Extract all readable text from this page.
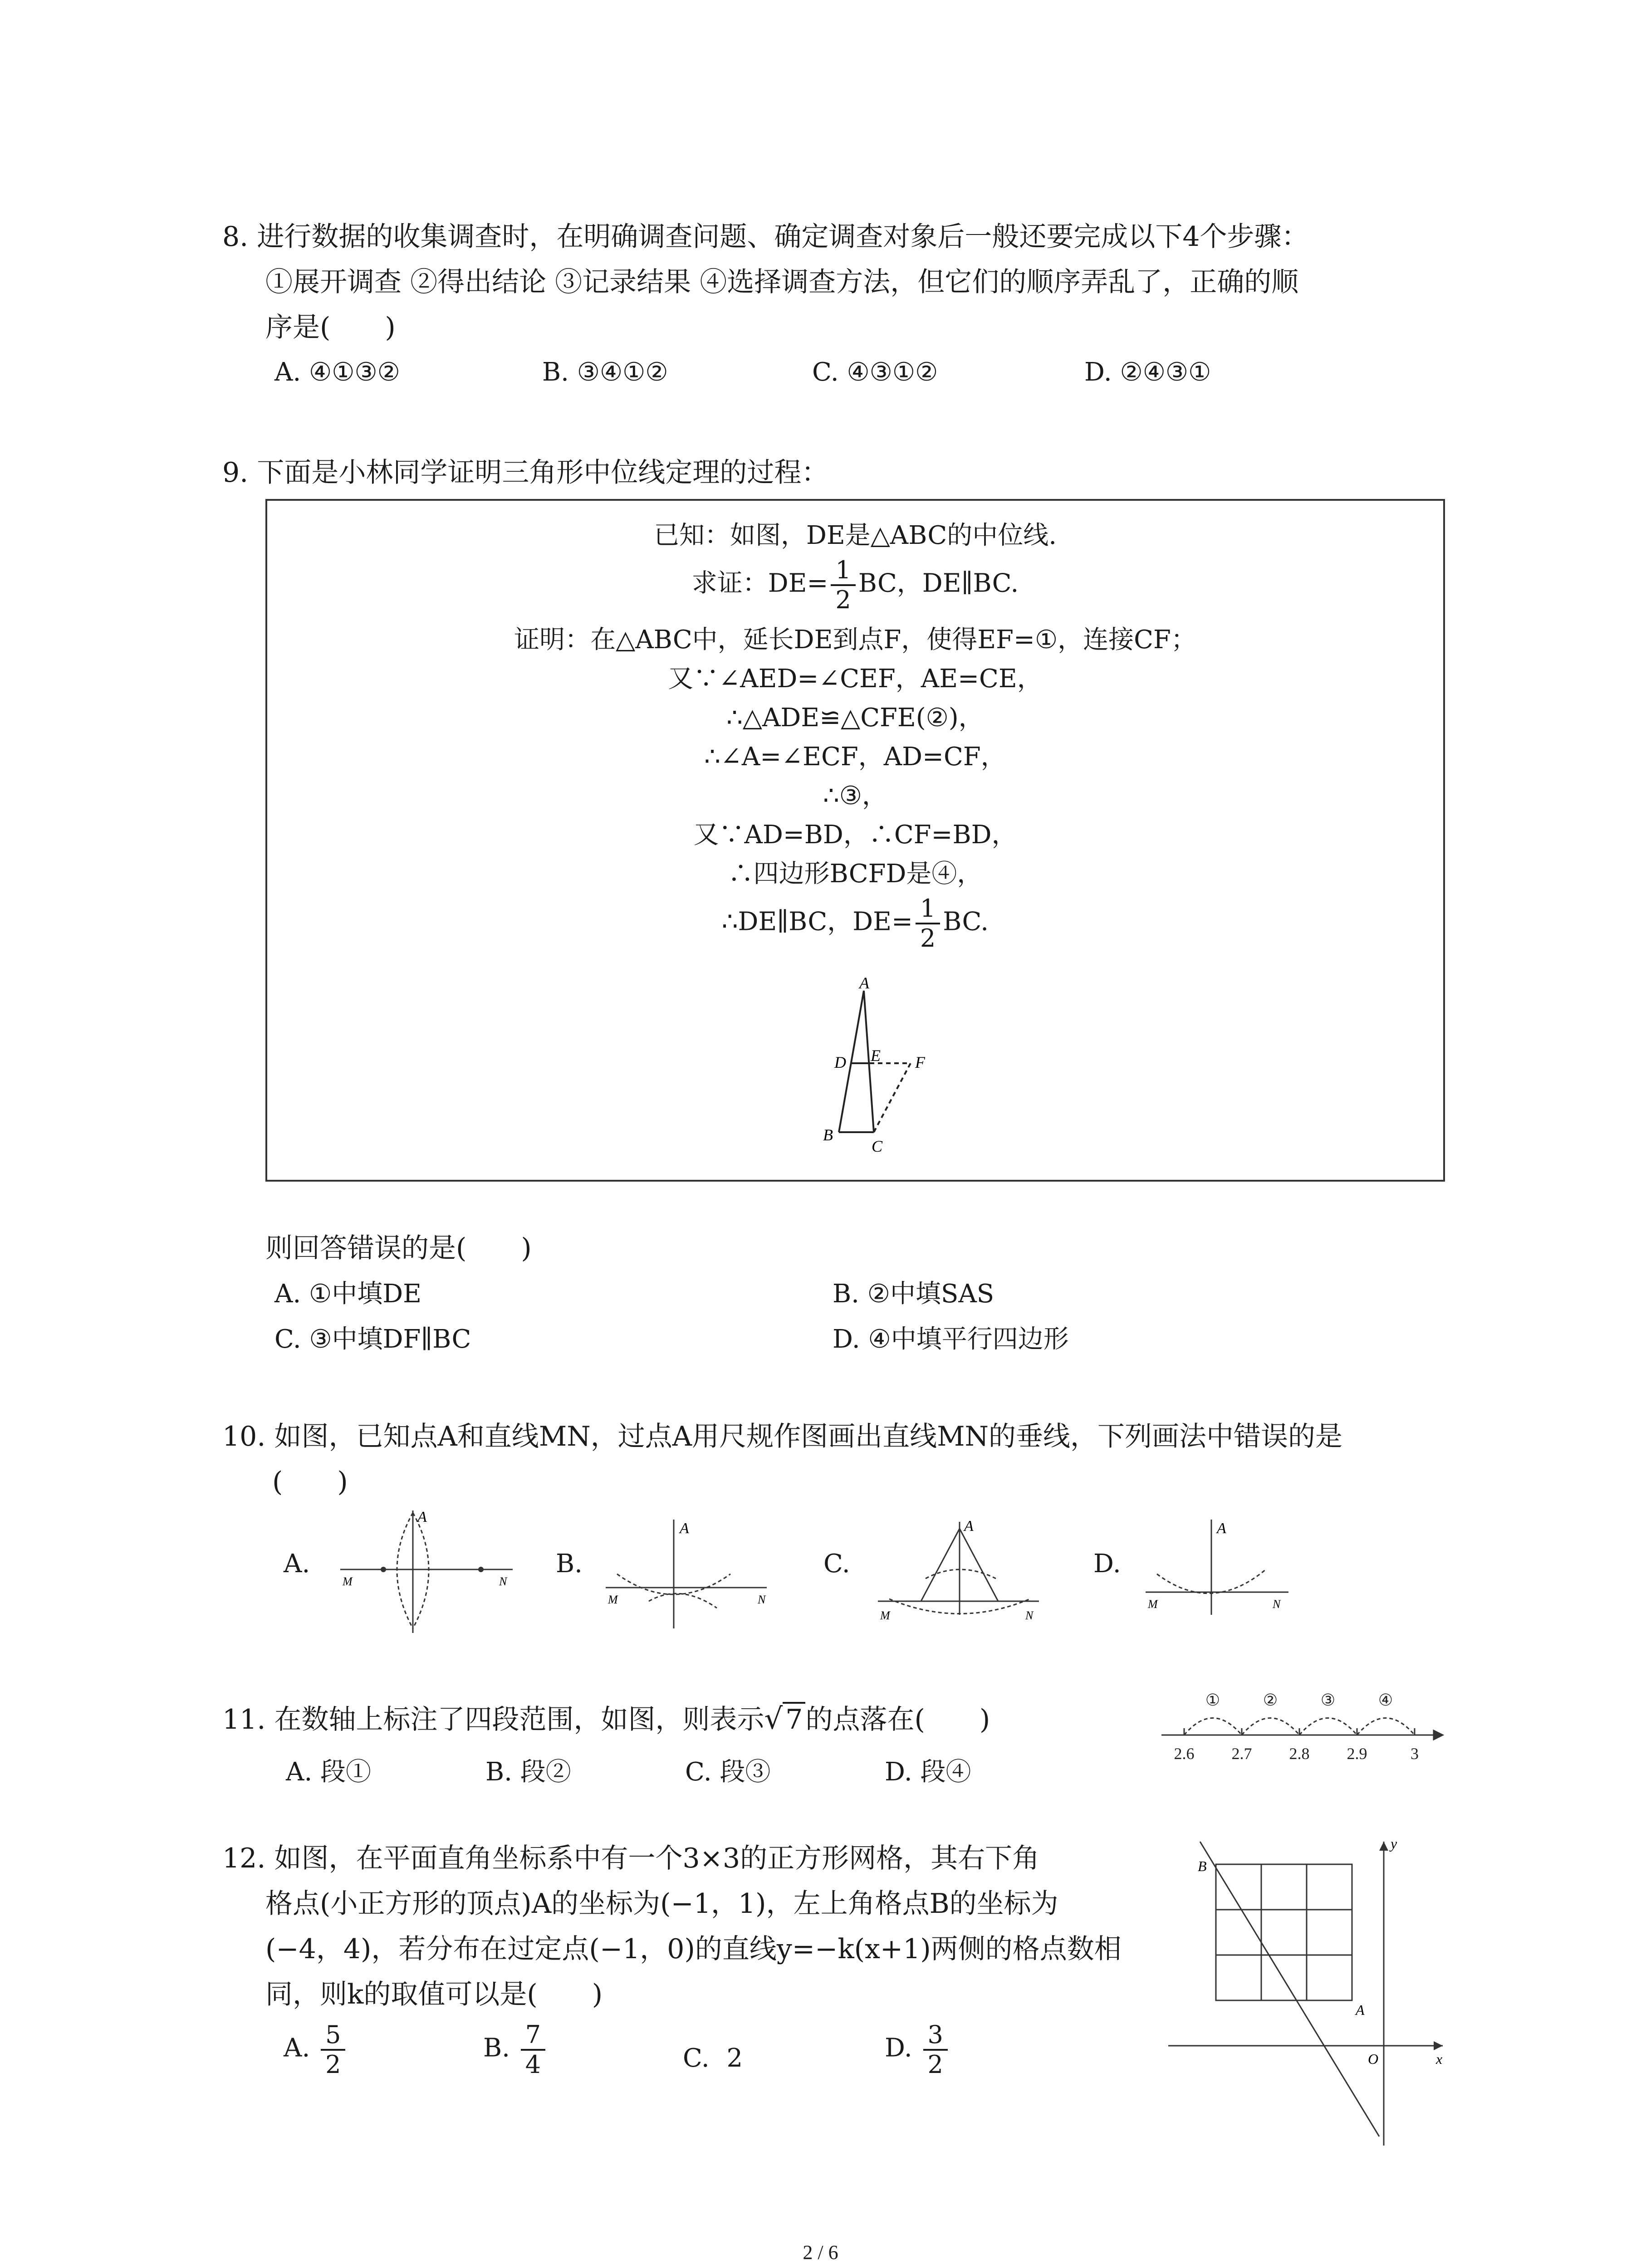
8. 进行数据的收集调查时，在明确调查问题、确定调查对象后一般还要完成以下4个步骤：
①展开调查 ②得出结论 ③记录结果 ④选择调查方法，但它们的顺序弄乱了，正确的顺
序是(　　)
A. ④①③②	B. ③④①②	C. ④③①②	D. ②④③①
9. 下面是小林同学证明三角形中位线定理的过程：
已知：如图，DE是△ABC的中位线.
求证：$DE= \frac{1}{2}$ BC，DE∥BC.
证明：在△ABC中，延长DE到点F，使得EF=①，连接CF；
又∵∠AED=∠CEF，AE=CE，
∴△ADE≌△CFE(②)，
∴∠A=∠ECF，AD=CF，
∴③，
又∵AD=BD，∴CF=BD，
∴四边形BCFD是④，
∴DE∥BC，$DE= \frac{1}{2}$ BC.
A
D E F
B
C
则回答错误的是(　　)
A. ①中填DE	B. ②中填SAS
C. ③中填DF∥BC	D. ④中填平行四边形
10. 如图，已知点A和直线MN，过点A用尺规作图画出直线MN的垂线，下列画法中错误的是
(　　)
A.
A
M	N
B.
A
M	N
C.
A
M	N
D.
A
M	N
11. 在数轴上标注了四段范围，如图，则表示√ 7 的点落在(　　)
A. 段①	B. 段②	C. 段③	D. 段④
①	②	③	④
2.6 2.7 2.8 2.9	3
12. 如图，在平面直角坐标系中有一个3×3的正方形网格，其右下角
格点(小正方形的顶点)A的坐标为(−1，1)，左上角格点B的坐标为
(−4，4)，若分布在过定点(−1，0)的直线y=−k(x+1)两侧的格点数相
同，则k的取值可以是(　　)
A. $\frac{5}{2}$	B. $\frac{7}{4}$	C. 2	D. $\frac{3}{2}$
B
A
O	x
y
2 / 6
